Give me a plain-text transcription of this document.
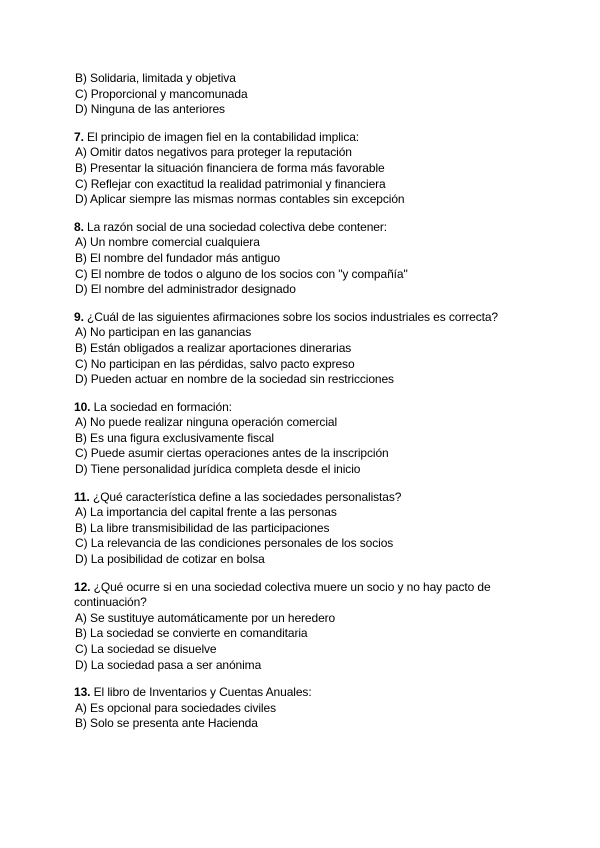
B) Solidaria, limitada y objetiva
C) Proporcional y mancomunada
D) Ninguna de las anteriores
7. El principio de imagen fiel en la contabilidad implica:
A) Omitir datos negativos para proteger la reputación
B) Presentar la situación financiera de forma más favorable
C) Reflejar con exactitud la realidad patrimonial y financiera
D) Aplicar siempre las mismas normas contables sin excepción
8. La razón social de una sociedad colectiva debe contener:
A) Un nombre comercial cualquiera
B) El nombre del fundador más antiguo
C) El nombre de todos o alguno de los socios con "y compañía"
D) El nombre del administrador designado
9. ¿Cuál de las siguientes afirmaciones sobre los socios industriales es correcta?
A) No participan en las ganancias
B) Están obligados a realizar aportaciones dinerarias
C) No participan en las pérdidas, salvo pacto expreso
D) Pueden actuar en nombre de la sociedad sin restricciones
10. La sociedad en formación:
A) No puede realizar ninguna operación comercial
B) Es una figura exclusivamente fiscal
C) Puede asumir ciertas operaciones antes de la inscripción
D) Tiene personalidad jurídica completa desde el inicio
11. ¿Qué característica define a las sociedades personalistas?
A) La importancia del capital frente a las personas
B) La libre transmisibilidad de las participaciones
C) La relevancia de las condiciones personales de los socios
D) La posibilidad de cotizar en bolsa
12. ¿Qué ocurre si en una sociedad colectiva muere un socio y no hay pacto de continuación?
A) Se sustituye automáticamente por un heredero
B) La sociedad se convierte en comanditaria
C) La sociedad se disuelve
D) La sociedad pasa a ser anónima
13. El libro de Inventarios y Cuentas Anuales:
A) Es opcional para sociedades civiles
B) Solo se presenta ante Hacienda
